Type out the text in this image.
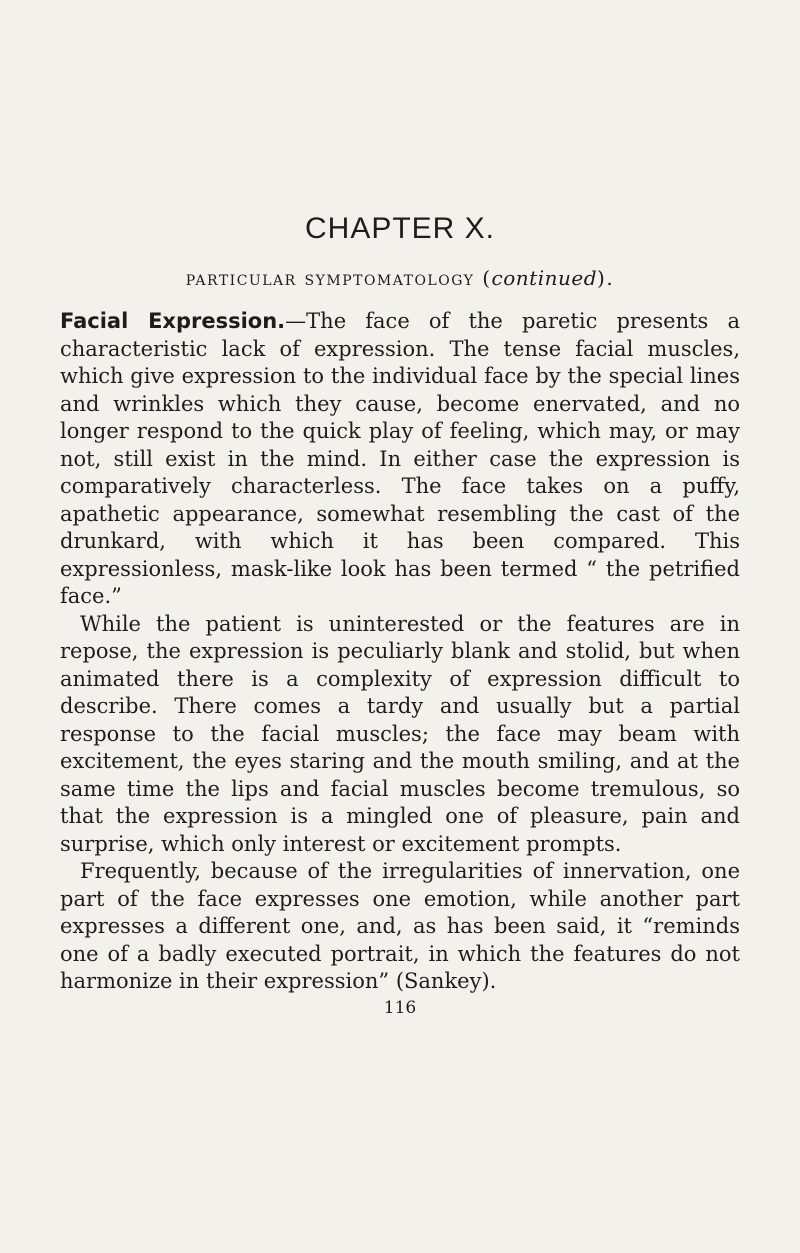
CHAPTER X.
particular symptomatology (continued).

Facial Expression.—The face of the paretic presents a characteristic lack of expression. The tense facial muscles, which give expression to the individual face by the special lines and wrinkles which they cause, become enervated, and no longer respond to the quick play of feeling, which may, or may not, still exist in the mind. In either case the expression is comparatively characterless. The face takes on a puffy, apathetic appearance, somewhat resembling the cast of the drunkard, with which it has been compared. This expressionless, mask-like look has been termed “ the petrified face.”

While the patient is uninterested or the features are in repose, the expression is peculiarly blank and stolid, but when animated there is a complexity of expression difficult to describe. There comes a tardy and usually but a partial response to the facial muscles; the face may beam with excitement, the eyes staring and the mouth smiling, and at the same time the lips and facial muscles become tremulous, so that the expression is a mingled one of pleasure, pain and surprise, which only interest or excitement prompts.

Frequently, because of the irregularities of innervation, one part of the face expresses one emotion, while another part expresses a different one, and, as has been said, it “reminds one of a badly executed portrait, in which the features do not harmonize in their expression” (Sankey).

116
